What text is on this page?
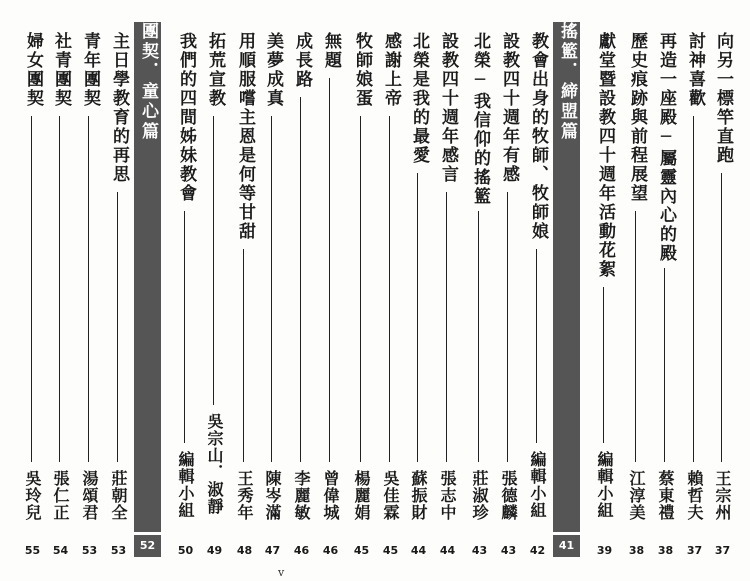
向另一標竿直跑
王宗州
37
討神喜歡
賴哲夫
37
再造一座殿─屬靈內心的殿
蔡東禮
38
歷史痕跡與前程展望
江淳美
38
獻堂暨設教四十週年活動花絮
編輯小組
39
搖籃．締盟篇
41
教會出身的牧師、牧師娘
編輯小組
42
設教四十週年有感
張德麟
43
北榮─我信仰的搖籃
莊淑珍
43
設教四十週年感言
張志中
44
北榮是我的最愛
蘇振財
44
感謝上帝
吳佳霖
45
牧師娘蛋
楊麗娟
45
無題
曾偉城
46
成長路
李麗敏
46
美夢成真
陳岑滿
47
用順服嚐主恩是何等甘甜
王秀年
48
拓荒宣教
吳宗山．淑靜
49
我們的四間姊妹教會
編輯小組
50
團契．童心篇
52
主日學教育的再思
莊朝全
53
青年團契
湯頌君
53
社青團契
張仁正
54
婦女團契
吳玲兒
55
v
